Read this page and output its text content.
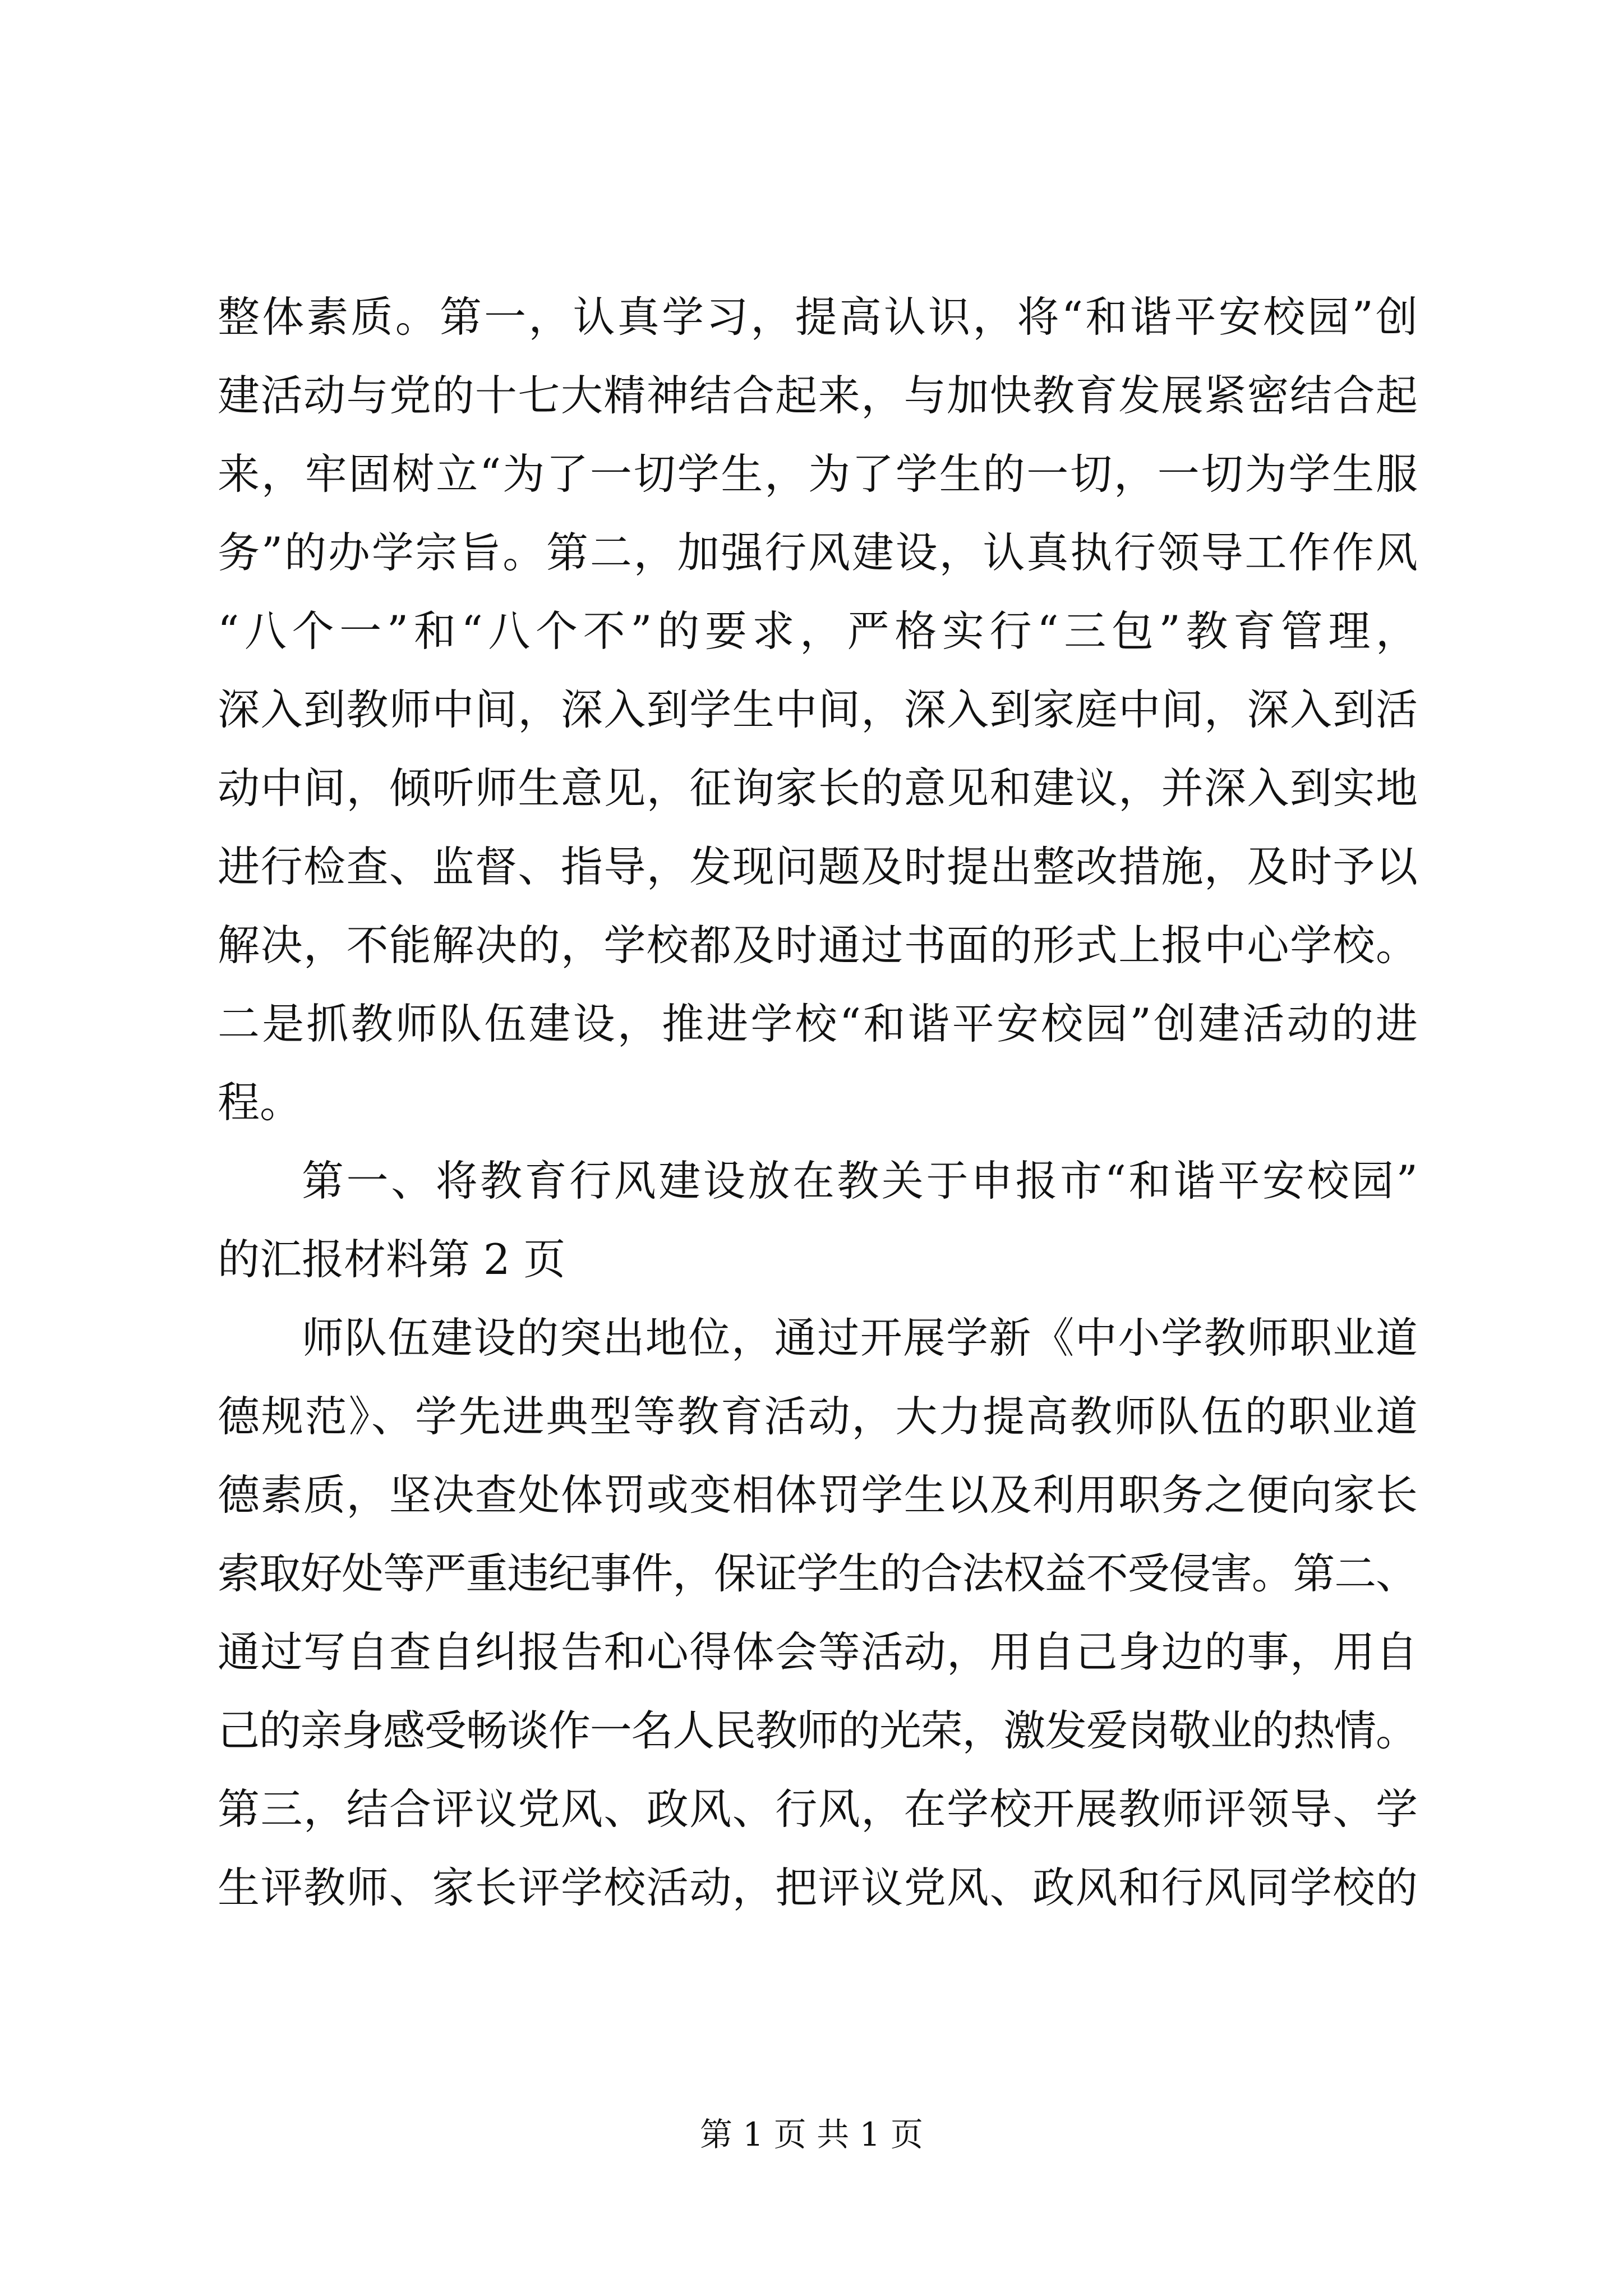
整体素质。第一，认真学习，提高认识，将“和谐平安校园”创
建活动与党的十七大精神结合起来，与加快教育发展紧密结合起
来，牢固树立“为了一切学生，为了学生的一切，一切为学生服
务”的办学宗旨。第二，加强行风建设，认真执行领导工作作风
“八个一”和“八个不”的要求，严格实行“三包”教育管理，
深入到教师中间，深入到学生中间，深入到家庭中间，深入到活
动中间，倾听师生意见，征询家长的意见和建议，并深入到实地
进行检查、监督、指导，发现问题及时提出整改措施，及时予以
解决，不能解决的，学校都及时通过书面的形式上报中心学校。
二是抓教师队伍建设，推进学校“和谐平安校园”创建活动的进
程。
第一、将教育行风建设放在教关于申报市“和谐平安校园”
的汇报材料第 2 页
师队伍建设的突出地位，通过开展学新《中小学教师职业道
德规范》、学先进典型等教育活动，大力提高教师队伍的职业道
德素质，坚决查处体罚或变相体罚学生以及利用职务之便向家长
索取好处等严重违纪事件，保证学生的合法权益不受侵害。第二、
通过写自查自纠报告和心得体会等活动，用自己身边的事，用自
己的亲身感受畅谈作一名人民教师的光荣，激发爱岗敬业的热情。
第三，结合评议党风、政风、行风，在学校开展教师评领导、学
生评教师、家长评学校活动，把评议党风、政风和行风同学校的
第 1 页 共 1 页
